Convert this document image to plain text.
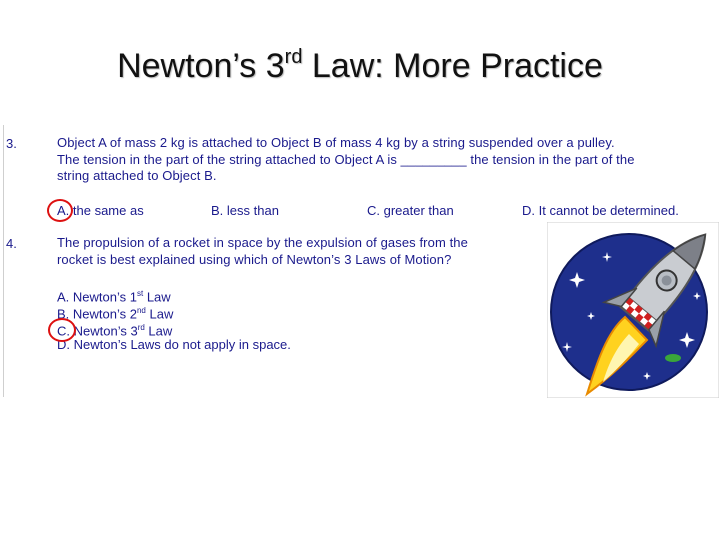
Newton’s 3rd Law: More Practice
3.	Object A of mass 2 kg is attached to Object B of mass 4 kg by a string suspended over a pulley.
The tension in the part of the string attached to Object A is _________ the tension in the part of the
string attached to Object B.
A. the same as	B. less than	C. greater than	D. It cannot be determined.
4.	The propulsion of a rocket in space by the expulsion of gases from the
rocket is best explained using which of Newton’s 3 Laws of Motion?
A. Newton’s 1st Law
B. Newton’s 2nd Law
C. Newton’s 3rd Law
D. Newton’s Laws do not apply in space.
